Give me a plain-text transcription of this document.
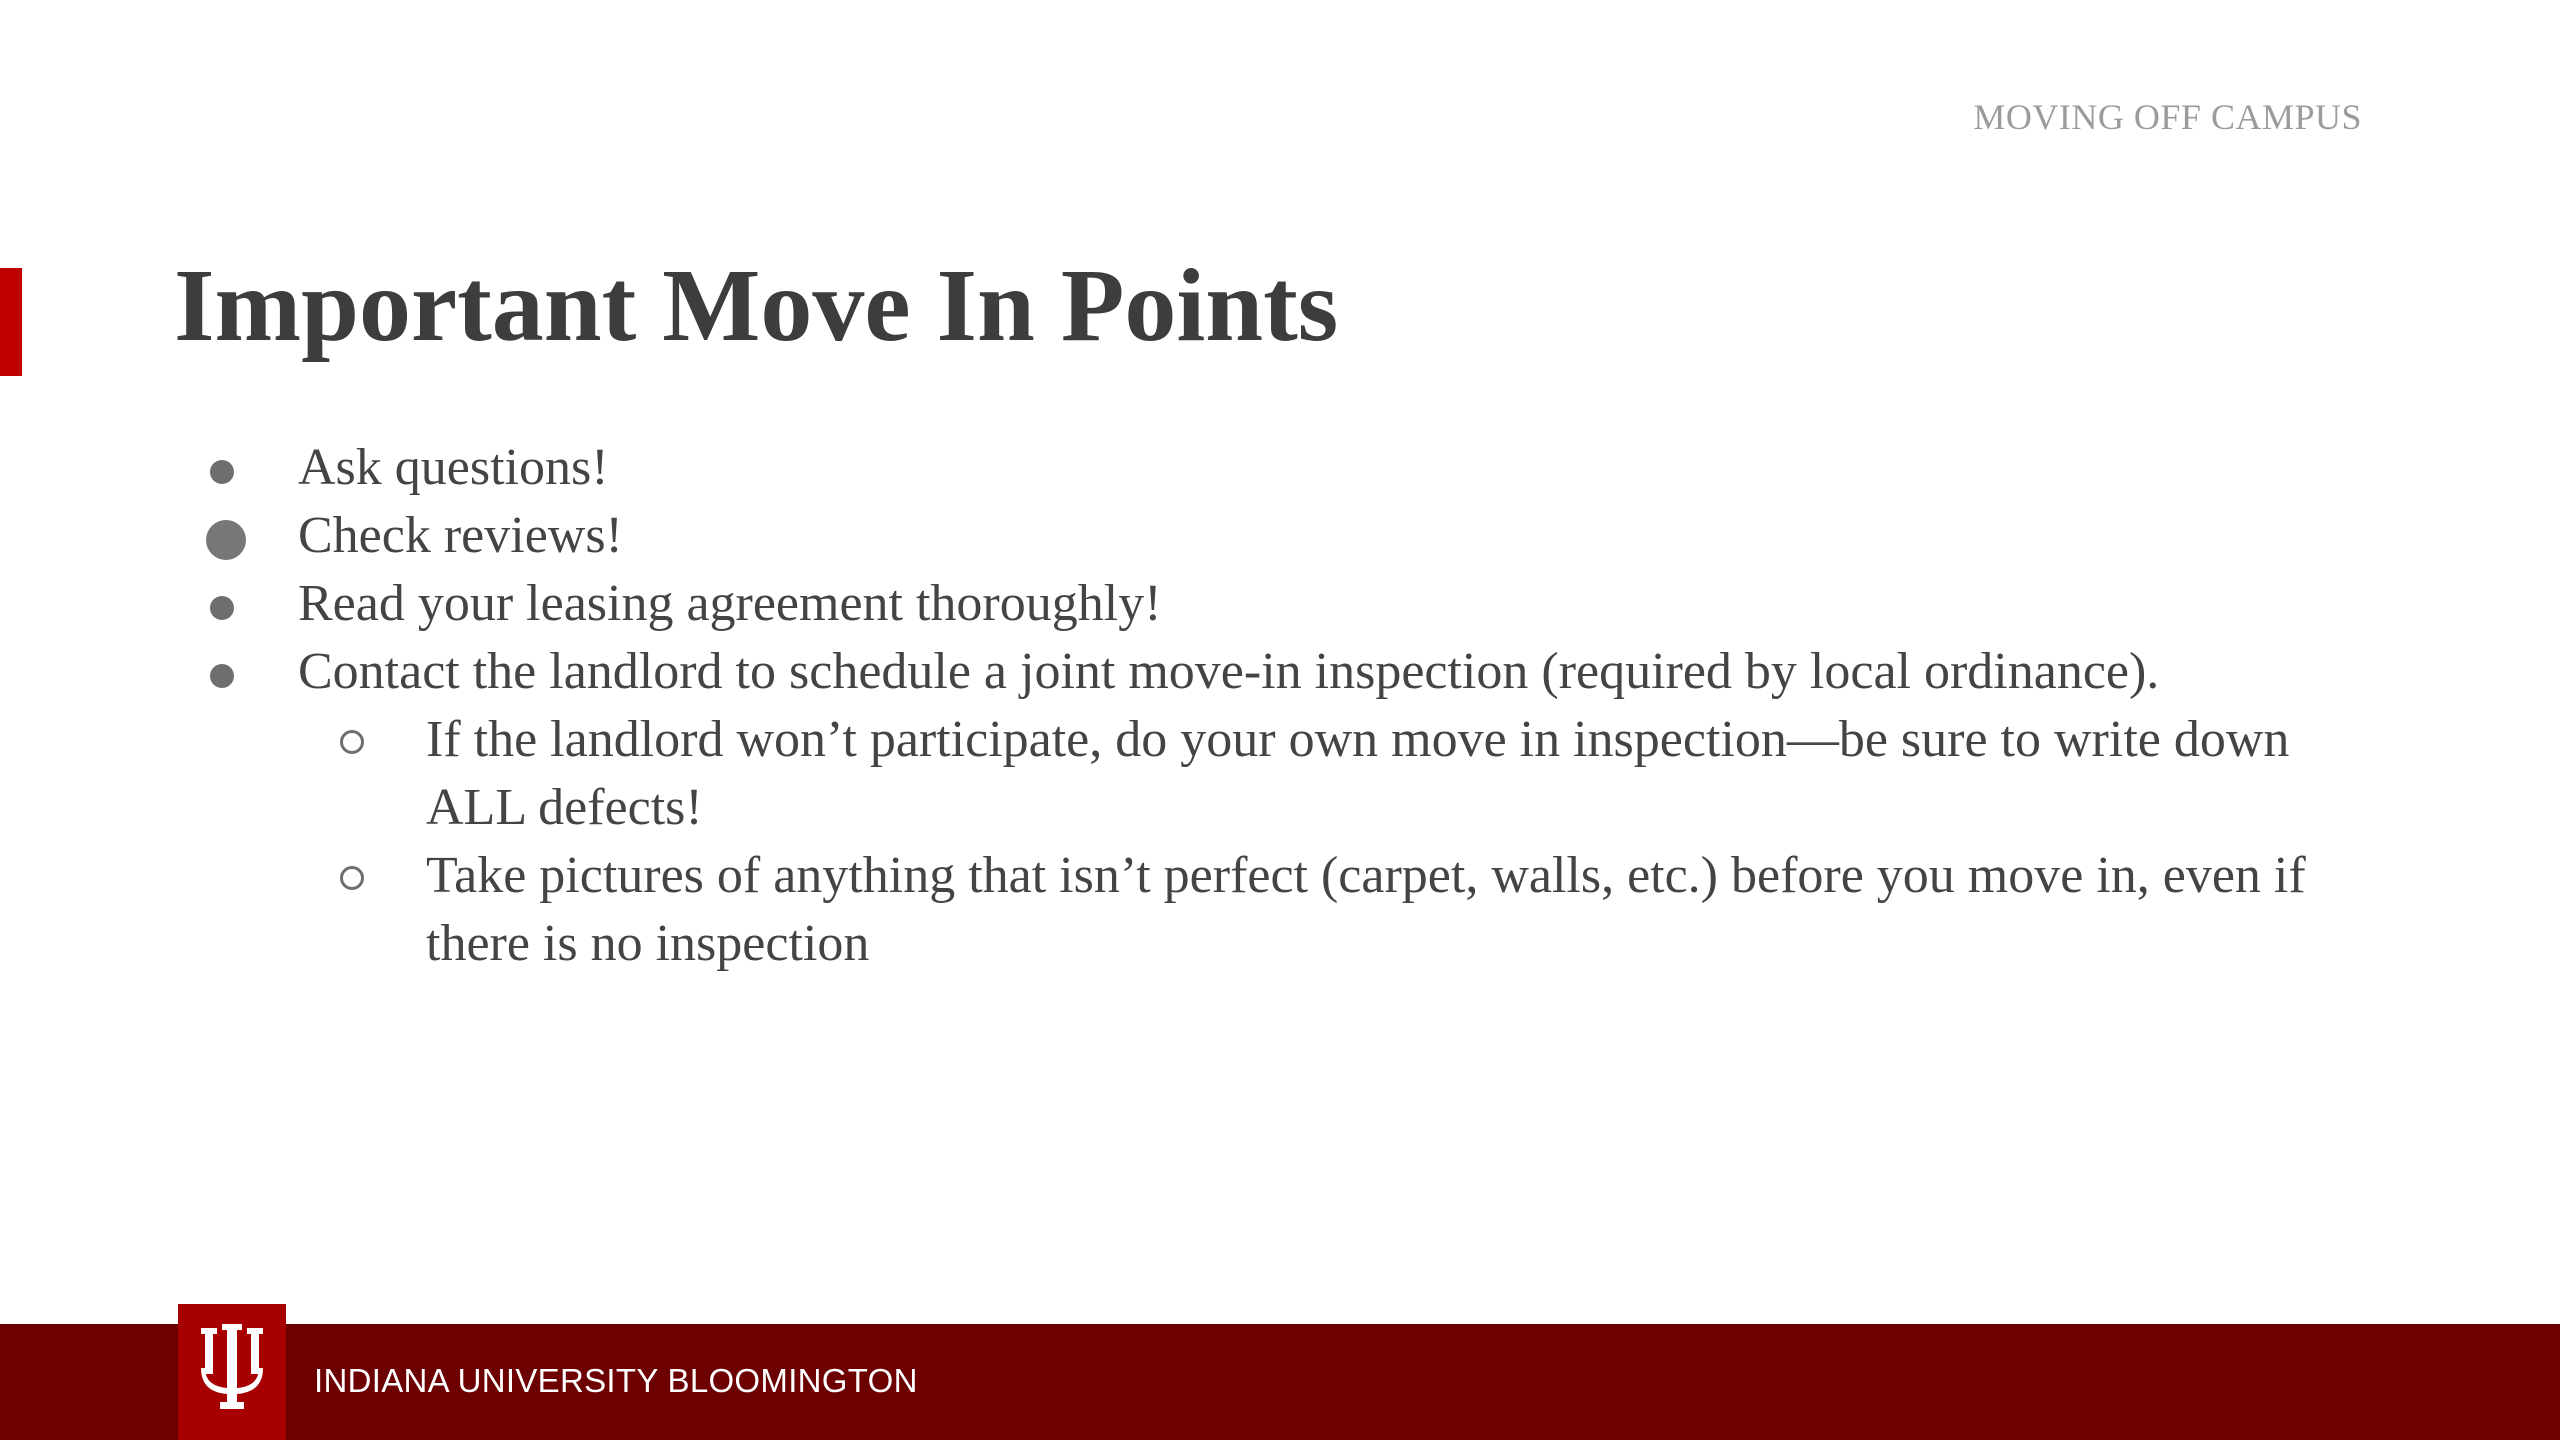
MOVING OFF CAMPUS
Important Move In Points
Ask questions!
Check reviews!
Read your leasing agreement thoroughly!
Contact the landlord to schedule a joint move-in inspection (required by local ordinance).
If the landlord won’t participate, do your own move in inspection—be sure to write down ALL defects!
Take pictures of anything that isn’t perfect (carpet, walls, etc.) before you move in, even if there is no inspection
INDIANA UNIVERSITY BLOOMINGTON
